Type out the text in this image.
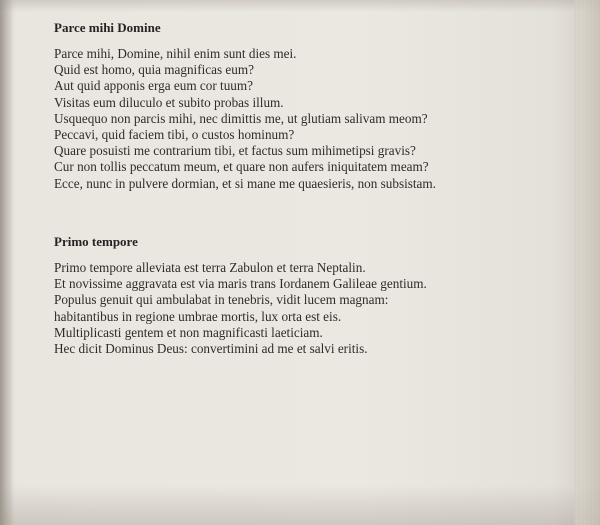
Parce mihi Domine
Parce mihi, Domine, nihil enim sunt dies mei.
Quid est homo, quia magnificas eum?
Aut quid apponis erga eum cor tuum?
Visitas eum diluculo et subito probas illum.
Usquequo non parcis mihi, nec dimittis me, ut glutiam salivam meom?
Peccavi, quid faciem tibi, o custos hominum?
Quare posuisti me contrarium tibi, et factus sum mihimetipsi gravis?
Cur non tollis peccatum meum, et quare non aufers iniquitatem meam?
Ecce, nunc in pulvere dormian, et si mane me quaesieris, non subsistam.
Primo tempore
Primo tempore alleviata est terra Zabulon et terra Neptalin.
Et novissime aggravata est via maris trans Iordanem Galileae gentium.
Populus genuit qui ambulabat in tenebris, vidit lucem magnam:
habitantibus in regione umbrae mortis, lux orta est eis.
Multiplicasti gentem et non magnificasti laeticiam.
Hec dicit Dominus Deus: convertimini ad me et salvi eritis.
